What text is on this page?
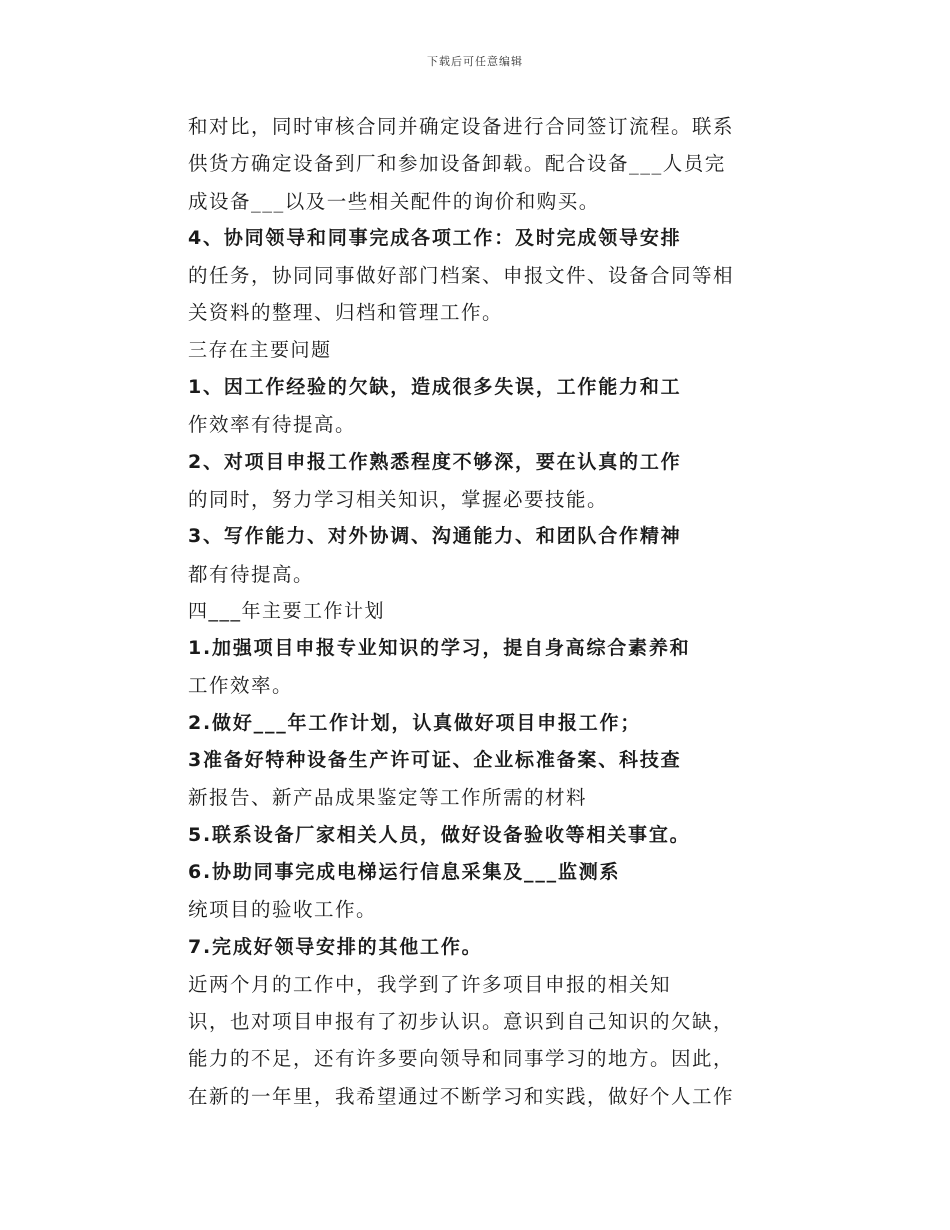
下载后可任意编辑
和对比，同时审核合同并确定设备进行合同签订流程。联系
供货方确定设备到厂和参加设备卸载。配合设备___人员完
成设备___以及一些相关配件的询价和购买。
4、协同领导和同事完成各项工作：及时完成领导安排
的任务，协同同事做好部门档案、申报文件、设备合同等相
关资料的整理、归档和管理工作。
三存在主要问题
1、因工作经验的欠缺，造成很多失误，工作能力和工
作效率有待提高。
2、对项目申报工作熟悉程度不够深，要在认真的工作
的同时，努力学习相关知识，掌握必要技能。
3、写作能力、对外协调、沟通能力、和团队合作精神
都有待提高。
四___年主要工作计划
1.加强项目申报专业知识的学习，提自身高综合素养和
工作效率。
2.做好___年工作计划，认真做好项目申报工作；
3准备好特种设备生产许可证、企业标准备案、科技查
新报告、新产品成果鉴定等工作所需的材料
5.联系设备厂家相关人员，做好设备验收等相关事宜。
6.协助同事完成电梯运行信息采集及___监测系
统项目的验收工作。
7.完成好领导安排的其他工作。
近两个月的工作中，我学到了许多项目申报的相关知
识，也对项目申报有了初步认识。意识到自己知识的欠缺，
能力的不足，还有许多要向领导和同事学习的地方。因此，
在新的一年里，我希望通过不断学习和实践，做好个人工作
